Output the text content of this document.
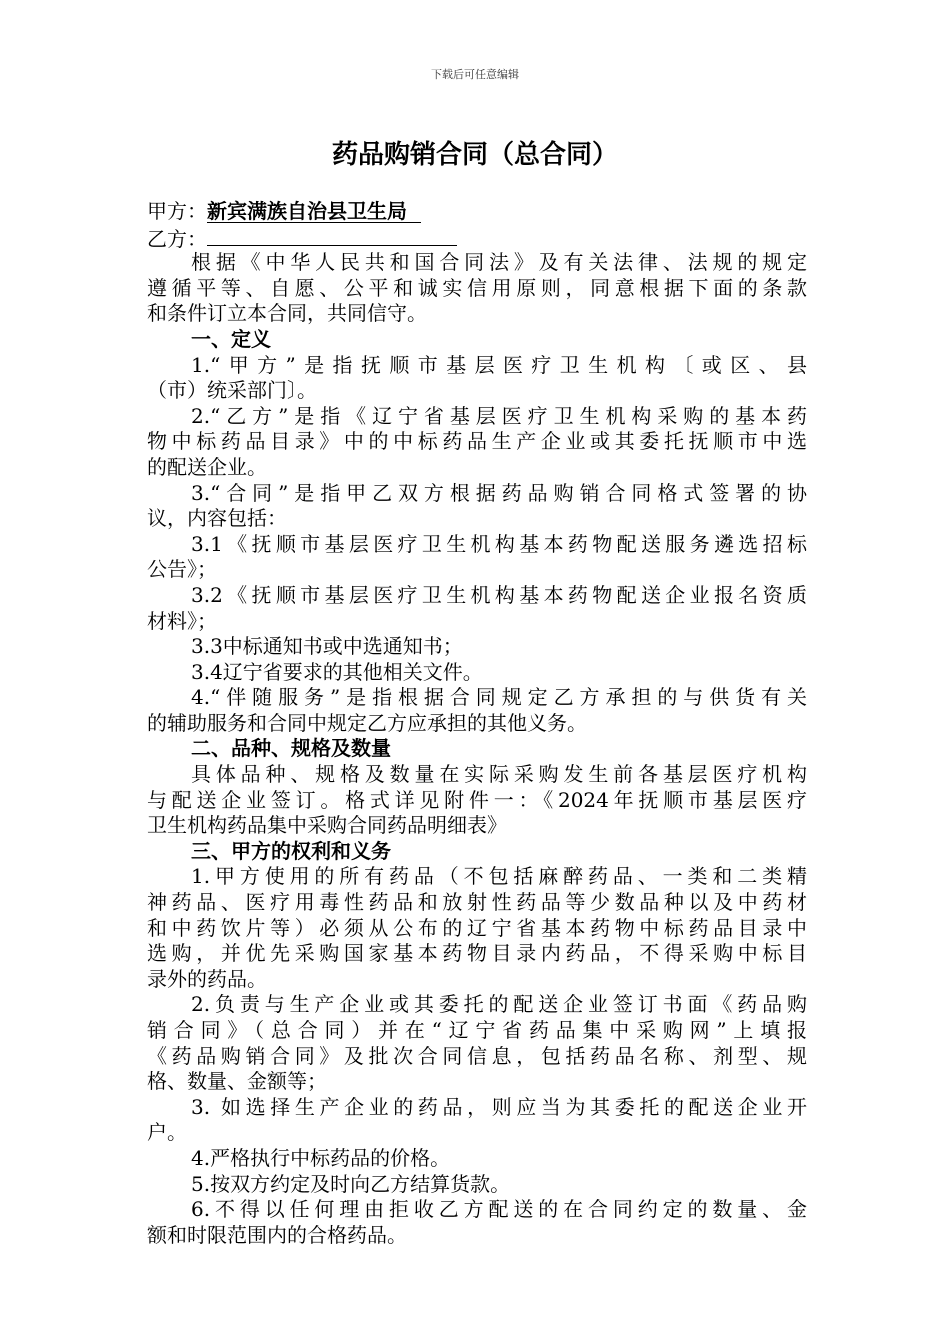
下载后可任意编辑
药品购销合同（总合同）
甲方：新宾满族自治县卫生局
乙方：
根据《中华人民共和国合同法》及有关法律、法规的规定
遵循平等、自愿、公平和诚实信用原则，同意根据下面的条款
和条件订立本合同，共同信守。
一、定义
1.“甲方”是指抚顺市基层医疗卫生机构〔或区、县
（市）统采部门〕。
2.“乙方”是指《辽宁省基层医疗卫生机构采购的基本药
物中标药品目录》中的中标药品生产企业或其委托抚顺市中选
的配送企业。
3.“合同”是指甲乙双方根据药品购销合同格式签署的协
议，内容包括：
3.1《抚顺市基层医疗卫生机构基本药物配送服务遴选招标
公告》；
3.2《抚顺市基层医疗卫生机构基本药物配送企业报名资质
材料》；
3.3中标通知书或中选通知书；
3.4辽宁省要求的其他相关文件。
4.“伴随服务”是指根据合同规定乙方承担的与供货有关
的辅助服务和合同中规定乙方应承担的其他义务。
二、品种、规格及数量
具体品种、规格及数量在实际采购发生前各基层医疗机构
与配送企业签订。格式详见附件一：《2024年抚顺市基层医疗
卫生机构药品集中采购合同药品明细表》
三、甲方的权利和义务
1.甲方使用的所有药品（不包括麻醉药品、一类和二类精
神药品、医疗用毒性药品和放射性药品等少数品种以及中药材
和中药饮片等）必须从公布的辽宁省基本药物中标药品目录中
选购，并优先采购国家基本药物目录内药品，不得采购中标目
录外的药品。
2.负责与生产企业或其委托的配送企业签订书面《药品购
销合同》（总合同）并在“辽宁省药品集中采购网”上填报
《药品购销合同》及批次合同信息，包括药品名称、剂型、规
格、数量、金额等；
3. 如选择生产企业的药品，则应当为其委托的配送企业开
户。
4.严格执行中标药品的价格。
5.按双方约定及时向乙方结算货款。
6.不得以任何理由拒收乙方配送的在合同约定的数量、金
额和时限范围内的合格药品。
